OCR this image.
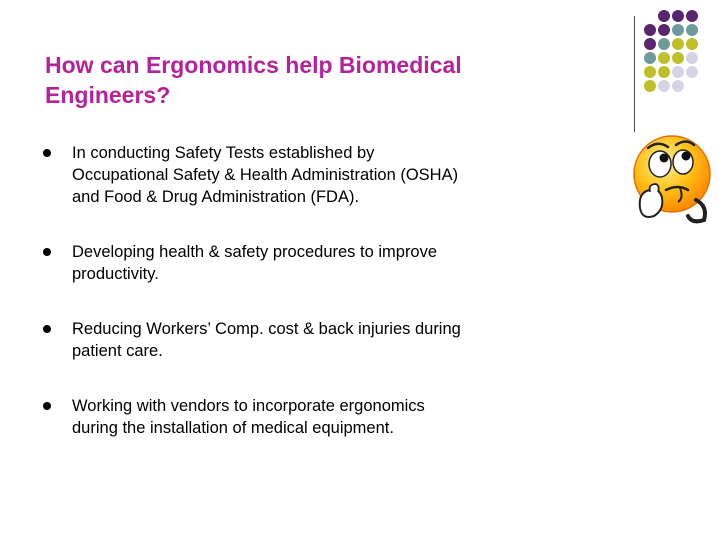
How can Ergonomics help Biomedical Engineers?
In conducting Safety Tests established by
Occupational Safety & Health Administration (OSHA)
and Food & Drug Administration (FDA).
Developing health & safety procedures to improve
productivity.
Reducing Workers’ Comp. cost & back injuries during
patient care.
Working with vendors to incorporate ergonomics
during the installation of medical equipment.
